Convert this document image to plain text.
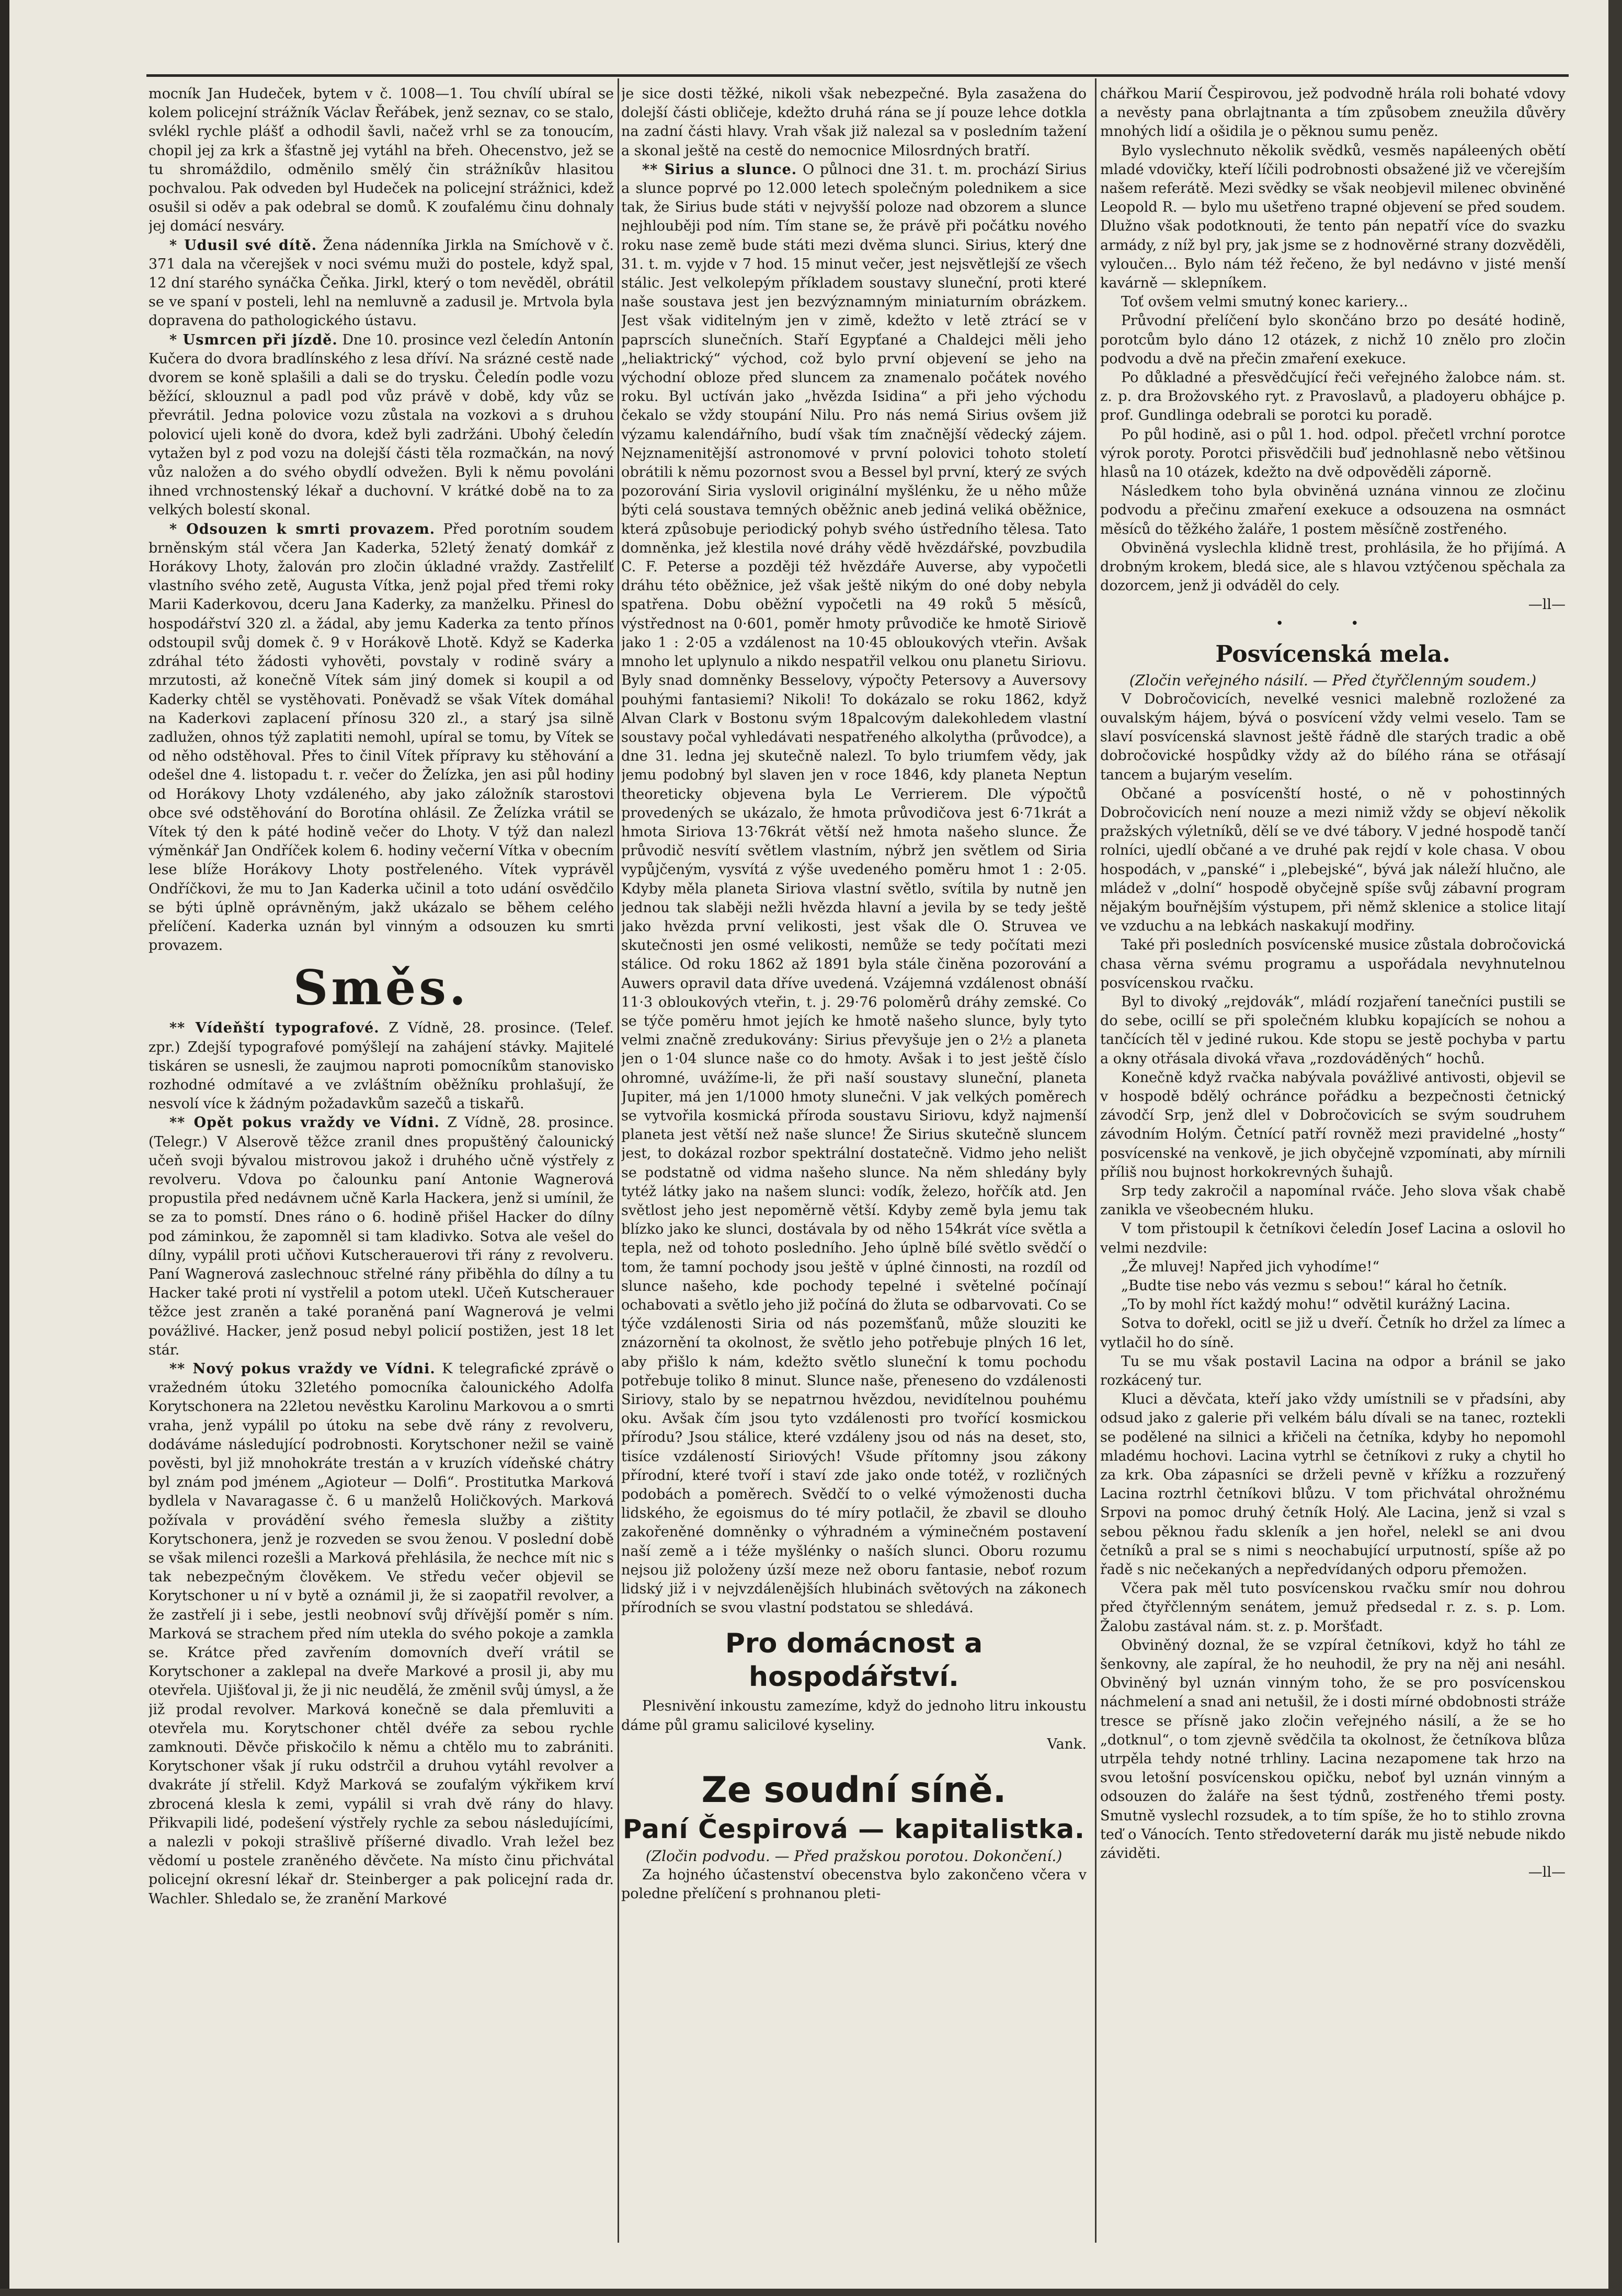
mocník Jan Hudeček, bytem v č. 1008—1. Tou chvílí ubíral se kolem policejní strážník Václav Řeřábek, jenž seznav, co se stalo, svlékl rychle plášť a odhodil šavli, načež vrhl se za tonoucím, chopil jej za krk a šťastně jej vytáhl na břeh. Ohecenstvo, jež se tu shromáždilo, odměnilo smělý čin strážníkův hlasitou pochvalou. Pak odveden byl Hudeček na policejní strážnici, kdež osušil si oděv a pak odebral se domů. K zoufalému činu dohnaly jej domácí nesváry.

* Udusil své dítě. Žena nádenníka Jirkla na Smíchově v č. 371 dala na včerejšek v noci svému muži do postele, když spal, 12 dní starého synáčka Čeňka. Jirkl, který o tom nevěděl, obrátil se ve spaní v posteli, lehl na nemluvně a zadusil je. Mrtvola byla dopravena do pathologického ústavu.

* Usmrcen při jízdě. Dne 10. prosince vezl čeledín Antonín Kučera do dvora bradlínského z lesa dříví. Na srázné cestě nade dvorem se koně splašili a dali se do trysku. Čeledín podle vozu běžící, sklouznul a padl pod vůz právě v době, kdy vůz se převrátil. Jedna polovice vozu zůstala na vozkovi a s druhou polovicí ujeli koně do dvora, kdež byli zadržáni. Ubohý čeledín vytažen byl z pod vozu na dolejší části těla rozmačkán, na nový vůz naložen a do svého obydlí odvežen. Byli k němu povoláni ihned vrchnostenský lékař a duchovní. V krátké době na to za velkých bolestí skonal.

* Odsouzen k smrti provazem. Před porotním soudem brněnským stál včera Jan Kaderka, 52letý ženatý domkář z Horákovy Lhoty, žalován pro zločin úkladné vraždy. Zastřelilť vlastního svého zetě, Augusta Vítka, jenž pojal před třemi roky Marii Kaderkovou, dceru Jana Kaderky, za manželku. Přinesl do hospodářství 320 zl. a žádal, aby jemu Kaderka za tento přínos odstoupil svůj domek č. 9 v Horákově Lhotě. Když se Kaderka zdráhal této žádosti vyhověti, povstaly v rodině sváry a mrzutosti, až konečně Vítek sám jiný domek si koupil a od Kaderky chtěl se vystěhovati. Poněvadž se však Vítek domáhal na Kaderkovi zaplacení přínosu 320 zl., a starý jsa silně zadlužen, ohnos týž zaplatiti nemohl, upíral se tomu, by Vítek se od něho odstěhoval. Přes to činil Vítek přípravy ku stěhování a odešel dne 4. listopadu t. r. večer do Želízka, jen asi půl hodiny od Horákovy Lhoty vzdáleného, aby jako záložník starostovi obce své odstěhování do Borotína ohlásil. Ze Želízka vrátil se Vítek tý den k páté hodině večer do Lhoty. V týž dan nalezl výměnkář Jan Ondříček kolem 6. hodiny večerní Vítka v obecním lese blíže Horákovy Lhoty postřeleného. Vítek vyprávěl Ondříčkovi, že mu to Jan Kaderka učinil a toto udání osvědčilo se býti úplně oprávněným, jakž ukázalo se během celého přelíčení. Kaderka uznán byl vinným a odsouzen ku smrti provazem.

Směs.

** Vídeňští typografové. Z Vídně, 28. prosince. (Telef. zpr.) Zdejší typografové pomýšlejí na zahájení stávky. Majitelé tiskáren se usnesli, že zaujmou naproti pomocníkům stanovisko rozhodné odmítavé a ve zvláštním oběžníku prohlašují, že nesvolí více k žádným požadavkům sazečů a tiskařů.

** Opět pokus vraždy ve Vídni. Z Vídně, 28. prosince. (Telegr.) V Alserově těžce zranil dnes propuštěný čalounický učeň svoji bývalou mistrovou jakož i druhého učně výstřely z revolveru. Vdova po čalounku paní Antonie Wagnerová propustila před nedávnem učně Karla Hackera, jenž si umínil, že se za to pomstí. Dnes ráno o 6. hodině přišel Hacker do dílny pod záminkou, že zapomněl si tam kladivko. Sotva ale vešel do dílny, vypálil proti učňovi Kutscherauerovi tři rány z revolveru. Paní Wagnerová zaslechnouc střelné rány přiběhla do dílny a tu Hacker také proti ní vystřelil a potom utekl. Učeň Kutscherauer těžce jest zraněn a také poraněná paní Wagnerová je velmi povážlivé. Hacker, jenž posud nebyl policií postižen, jest 18 let stár.

** Nový pokus vraždy ve Vídni. K telegrafické zprávě o vražedném útoku 32letého pomocníka čalounického Adolfa Korytschonera na 22letou nevěstku Karolinu Markovou a o smrti vraha, jenž vypálil po útoku na sebe dvě rány z revolveru, dodáváme následující podrobnosti. Korytschoner nežil se vaině pověsti, byl již mnohokráte trestán a v kruzích vídeňské chátry byl znám pod jménem „Agioteur — Dolfi“. Prostitutka Marková bydlela v Navaragasse č. 6 u manželů Holičkových. Marková požívala v provádění svého řemesla služby a zištity Korytschonera, jenž je rozveden se svou ženou. V poslední době se však milenci rozešli a Marková přehlásila, že nechce mít nic s tak nebezpečným člověkem. Ve středu večer objevil se Korytschoner u ní v bytě a oznámil ji, že si zaopatřil revolver, a že zastřelí ji i sebe, jestli neobnoví svůj dřívější poměr s ním. Marková se strachem před ním utekla do svého pokoje a zamkla se. Krátce před zavřením domovních dveří vrátil se Korytschoner a zaklepal na dveře Markové a prosil ji, aby mu otevřela. Ujišťoval ji, že ji nic neudělá, že změnil svůj úmysl, a že již prodal revolver. Marková konečně se dala přemluviti a otevřela mu. Korytschoner chtěl dvéře za sebou rychle zamknouti. Děvče přiskočilo k němu a chtělo mu to zabrániti. Korytschoner však jí ruku odstrčil a druhou vytáhl revolver a dvakráte jí střelil. Když Marková se zoufalým výkřikem krví zbrocená klesla k zemi, vypálil si vrah dvě rány do hlavy. Přikvapili lidé, podešení výstřely rychle za sebou následujícími, a nalezli v pokoji strašlivě příšerné divadlo. Vrah ležel bez vědomí u postele zraněného děvčete. Na místo činu přichvátal policejní okresní lékař dr. Steinberger a pak policejní rada dr. Wachler. Shledalo se, že zranění Markové

je sice dosti těžké, nikoli však nebezpečné. Byla zasažena do dolejší části obličeje, kdežto druhá rána se jí pouze lehce dotkla na zadní části hlavy. Vrah však již nalezal sa v posledním tažení a skonal ještě na cestě do nemocnice Milosrdných bratří.

** Sirius a slunce. O půlnoci dne 31. t. m. prochází Sirius a slunce poprvé po 12.000 letech společným polednikem a sice tak, že Sirius bude státi v nejvyšší poloze nad obzorem a slunce nejhlouběji pod ním. Tím stane se, že právě při počátku nového roku nase země bude státi mezi dvěma slunci. Sirius, který dne 31. t. m. vyjde v 7 hod. 15 minut večer, jest nejsvětlejší ze všech stálic. Jest velkolepým příkladem soustavy sluneční, proti které naše soustava jest jen bezvýznamným miniaturním obrázkem. Jest však viditelným jen v zimě, kdežto v letě ztrácí se v paprscích slunečních. Staří Egypťané a Chaldejci měli jeho „heliaktrický“ východ, což bylo první objevení se jeho na východní obloze před sluncem za znamenalo počátek nového roku. Byl uctíván jako „hvězda Isidina“ a při jeho východu čekalo se vždy stoupání Nilu. Pro nás nemá Sirius ovšem již výzamu kalendářního, budí však tím značnější vědecký zájem. Nejznamenitější astronomové v první polovici tohoto století obrátili k němu pozornost svou a Bessel byl první, který ze svých pozorování Siria vyslovil originální myšlénku, že u něho může býti celá soustava temných oběžnic aneb jediná veliká oběžnice, která způsobuje periodický pohyb svého ústředního tělesa. Tato domněnka, jež klestila nové dráhy vědě hvězdářské, povzbudila C. F. Peterse a později též hvězdáře Auverse, aby vypočetli dráhu této oběžnice, jež však ještě nikým do oné doby nebyla spatřena. Dobu oběžní vypočetli na 49 roků 5 měsíců, výstřednost na 0·601, poměr hmoty průvodiče ke hmotě Siriově jako 1 : 2·05 a vzdálenost na 10·45 obloukových vteřin. Avšak mnoho let uplynulo a nikdo nespatřil velkou onu planetu Siriovu. Byly snad domněnky Besselovy, výpočty Petersovy a Auversovy pouhými fantasiemi? Nikoli! To dokázalo se roku 1862, když Alvan Clark v Bostonu svým 18palcovým dalekohledem vlastní soustavy počal vyhledávati nespatřeného alkolytha (průvodce), a dne 31. ledna jej skutečně nalezl. To bylo triumfem vědy, jak jemu podobný byl slaven jen v roce 1846, kdy planeta Neptun theoreticky objevena byla Le Verrierem. Dle výpočtů provedených se ukázalo, že hmota průvodičova jest 6·71krát a hmota Siriova 13·76krát větší než hmota našeho slunce. Že průvodič nesvítí světlem vlastním, nýbrž jen světlem od Siria vypůjčeným, vysvítá z výše uvedeného poměru hmot 1 : 2·05. Kdyby měla planeta Siriova vlastní světlo, svítila by nutně jen jednou tak slaběji nežli hvězda hlavní a jevila by se tedy ještě jako hvězda první velikosti, jest však dle O. Struvea ve skutečnosti jen osmé velikosti, nemůže se tedy počítati mezi stálice. Od roku 1862 až 1891 byla stále činěna pozorování a Auwers opravil data dříve uvedená. Vzájemná vzdálenost obnáší 11·3 obloukových vteřin, t. j. 29·76 poloměrů dráhy zemské. Co se týče poměru hmot jejích ke hmotě našeho slunce, byly tyto velmi značně zredukovány: Sirius převyšuje jen o 2½ a planeta jen o 1·04 slunce naše co do hmoty. Avšak i to jest ještě číslo ohromné, uvážíme-li, že při naší soustavy sluneční, planeta Jupiter, má jen 1/1000 hmoty slunečni. V jak velkých poměrech se vytvořila kosmická příroda soustavu Siriovu, když najmenší planeta jest větší než naše slunce! Že Sirius skutečně sluncem jest, to dokázal rozbor spektrální dostatečně. Vidmo jeho nelišt se podstatně od vidma našeho slunce. Na něm shledány byly tytéž látky jako na našem slunci: vodík, železo, hořčík atd. Jen světlost jeho jest nepoměrně větší. Kdyby země byla jemu tak blízko jako ke slunci, dostávala by od něho 154krát více světla a tepla, než od tohoto posledního. Jeho úplně bílé světlo svědčí o tom, že tamní pochody jsou ještě v úplné činnosti, na rozdíl od slunce našeho, kde pochody tepelné i světelné počínají ochabovati a světlo jeho již počíná do žluta se odbarvovati. Co se týče vzdálenosti Siria od nás pozemšťanů, může slouziti ke znázornění ta okolnost, že světlo jeho potřebuje plných 16 let, aby přišlo k nám, kdežto světlo sluneční k tomu pochodu potřebuje toliko 8 minut. Slunce naše, přeneseno do vzdálenosti Siriovy, stalo by se nepatrnou hvězdou, nevidítelnou pouhému oku. Avšak čím jsou tyto vzdálenosti pro tvořící kosmickou přírodu? Jsou stálice, které vzdáleny jsou od nás na deset, sto, tisíce vzdáleností Siriových! Všude přítomny jsou zákony přírodní, které tvoří i staví zde jako onde totéž, v rozličných podobách a poměrech. Svědčí to o velké výmoženosti ducha lidského, že egoismus do té míry potlačil, že zbavil se dlouho zakořeněné domněnky o výhradném a výminečném postavení naší země a i téže myšlénky o naších slunci. Oboru rozumu nejsou již položeny úzší meze než oboru fantasie, neboť rozum lidský již i v nejvzdálenějších hlubinách světových na zákonech přírodních se svou vlastní podstatou se shledává.

Pro domácnost a hospodářství.

Plesnivění inkoustu zamezíme, když do jednoho litru inkoustu dáme půl gramu salicilové kyseliny.

Vank.
Ze soudní síně.
Paní Čespirová — kapitalistka.
(Zločin podvodu. — Před pražskou porotou. Dokončení.)

Za hojného účastenství obecenstva bylo zakončeno včera v poledne přelíčení s prohnanou pleti-

chářkou Marií Čespirovou, jež podvodně hrála roli bohaté vdovy a nevěsty pana obrlajtnanta a tím způsobem zneužila důvěry mnohých lidí a ošidila je o pěknou sumu peněz.

Bylo vyslechnuto několik svědků, vesměs napáleených obětí mladé vdovičky, kteří líčili podrobnosti obsažené již ve včerejším našem referátě. Mezi svědky se však neobjevil milenec obviněné Leopold R. — bylo mu ušetřeno trapné objevení se před soudem. Dlužno však podotknouti, že tento pán nepatří více do svazku armády, z níž byl pry, jak jsme se z hodnověrné strany dozvěděli, vyloučen... Bylo nám též řečeno, že byl nedávno v jisté menší kavárně — sklepníkem.

Toť ovšem velmi smutný konec kariery...

Průvodní přelíčení bylo skončáno brzo po desáté hodině, porotcům bylo dáno 12 otázek, z nichž 10 znělo pro zločin podvodu a dvě na přečin zmaření exekuce.

Po důkladné a přesvědčující řeči veřejného žalobce nám. st. z. p. dra Brožovského ryt. z Pravoslavů, a pladoyeru obhájce p. prof. Gundlinga odebrali se porotci ku poradě.

Po půl hodině, asi o půl 1. hod. odpol. přečetl vrchní porotce výrok poroty. Porotci přisvědčili buď jednohlasně nebo většinou hlasů na 10 otázek, kdežto na dvě odpověděli záporně.

Následkem toho byla obviněná uznána vinnou ze zločinu podvodu a přečinu zmaření exekuce a odsouzena na osmnáct měsíců do těžkého žaláře, 1 postem měsíčně zostřeného.

Obviněná vyslechla klidně trest, prohlásila, že ho přijímá. A drobným krokem, bledá sice, ale s hlavou vztýčenou spěchala za dozorcem, jenž ji odváděl do cely.

—ll—
• •
Posvícenská mela.
(Zločin veřejného násilí. — Před čtyřčlenným soudem.)

V Dobročovicích, nevelké vesnici malebně rozložené za ouvalským hájem, bývá o posvícení vždy velmi veselo. Tam se slaví posvícenská slavnost ještě řádně dle starých tradic a obě dobročovické hospůdky vždy až do bílého rána se otřásají tancem a bujarým veselím.

Občané a posvícenští hosté, o ně v pohostinných Dobročovicích není nouze a mezi nimiž vždy se objeví několik pražských výletníků, dělí se ve dvé tábory. V jedné hospodě tančí rolníci, ujedlí občané a ve druhé pak rejdí v kole chasa. V obou hospodách, v „panské“ i „plebejské“, bývá jak náleží hlučno, ale mládež v „dolní“ hospodě obyčejně spíše svůj zábavní program nějakým bouřnějším výstupem, při němž sklenice a stolice litají ve vzduchu a na lebkách naskakují modřiny.

Také při posledních posvícenské musice zůstala dobročovická chasa věrna svému programu a uspořádala nevyhnutelnou posvícenskou rvačku.

Byl to divoký „rejdovák“, mládí rozjaření tanečníci pustili se do sebe, ocillí se při společném klubku kopajících se nohou a tančících těl v jediné rukou. Kde stopu se jestě pochyba v partu a okny otřásala divoká vřava „rozdováděných“ hochů.

Konečně když rvačka nabývala povážlivé antivosti, objevil se v hospodě bdělý ochránce pořádku a bezpečnosti četnický závodčí Srp, jenž dlel v Dobročovicích se svým soudruhem závodním Holým. Četnící patří rovněž mezi pravidelné „hosty“ posvícenské na venkově, je jich obyčejně vzpomínati, aby mírnili příliš nou bujnost horkokrevných šuhajů.

Srp tedy zakročil a napomínal rváče. Jeho slova však chabě zanikla ve všeobecném hluku.

V tom přistoupil k četníkovi čeledín Josef Lacina a oslovil ho velmi nezdvile:

„Že mluvej! Napřed jich vyhodíme!“

„Budte tise nebo vás vezmu s sebou!“ káral ho četník.

„To by mohl říct každý mohu!“ odvětil kurážný Lacina.

Sotva to dořekl, ocitl se již u dveří. Četník ho držel za límec a vytlačil ho do síně.

Tu se mu však postavil Lacina na odpor a bránil se jako rozkácený tur.

Kluci a děvčata, kteří jako vždy umístnili se v přadsíni, aby odsud jako z galerie při velkém bálu dívali se na tanec, roztekli se podělené na silnici a křičeli na četníka, kdyby ho nepomohl mladému hochovi. Lacina vytrhl se četníkovi z ruky a chytil ho za krk. Oba zápasníci se drželi pevně v křížku a rozzuřený Lacina roztrhl četníkovi blůzu. V tom přichvátal ohrožnému Srpovi na pomoc druhý četník Holý. Ale Lacina, jenž si vzal s sebou pěknou řadu skleník a jen hořel, nelekl se ani dvou četníků a pral se s nimi s neochabující urputností, spíše až po řadě s nic nečekaných a nepředvídaných odporu přemožen.

Včera pak měl tuto posvícenskou rvačku smír nou dohrou před čtyřčlenným senátem, jemuž předsedal r. z. s. p. Lom. Žalobu zastával nám. st. z. p. Moršťadt.

Obviněný doznal, že se vzpíral četníkovi, když ho táhl ze šenkovny, ale zapíral, že ho neuhodil, že pry na něj ani nesáhl. Obviněný byl uznán vinným toho, že se pro posvícenskou náchmelení a snad ani netušil, že i dosti mírné obdobnosti stráže tresce se přísně jako zločin veřejného násilí, a že se ho „dotknul“, o tom zjevně svědčila ta okolnost, že četníkova blůza utrpěla tehdy notné trhliny. Lacina nezapomene tak hrzo na svou letošní posvícenskou opičku, neboť byl uznán vinným a odsouzen do žaláře na šest týdnů, zostřeného třemi posty. Smutně vyslechl rozsudek, a to tím spíše, že ho to stihlo zrovna teď o Vánocích. Tento středoveterní darák mu jistě nebude nikdo záviděti.

—ll—
